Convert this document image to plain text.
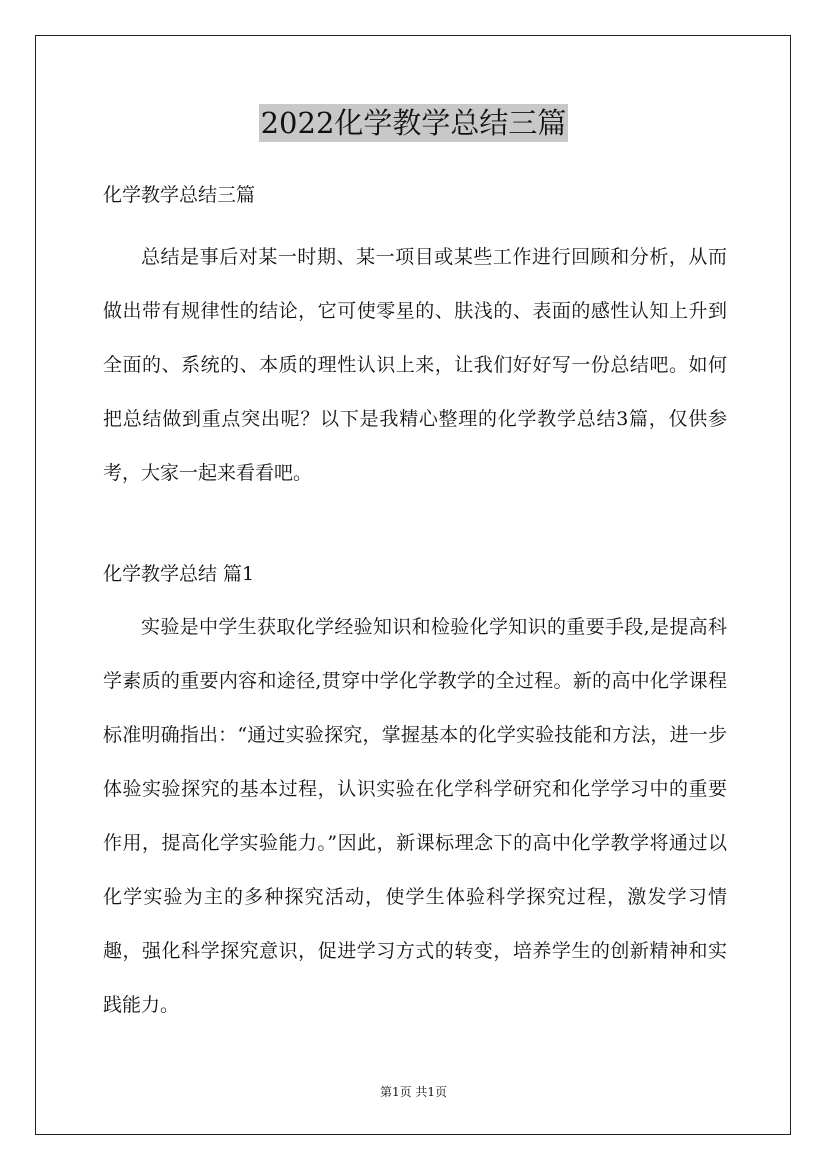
2022化学教学总结三篇
化学教学总结三篇
总结是事后对某一时期、某一项目或某些工作进行回顾和分析，从而做出带有规律性的结论，它可使零星的、肤浅的、表面的感性认知上升到全面的、系统的、本质的理性认识上来，让我们好好写一份总结吧。如何把总结做到重点突出呢？以下是我精心整理的化学教学总结3篇，仅供参考，大家一起来看看吧。
化学教学总结 篇1
实验是中学生获取化学经验知识和检验化学知识的重要手段,是提高科学素质的重要内容和途径,贯穿中学化学教学的全过程。新的高中化学课程标准明确指出：“通过实验探究，掌握基本的化学实验技能和方法，进一步体验实验探究的基本过程，认识实验在化学科学研究和化学学习中的重要作用，提高化学实验能力。”因此，新课标理念下的高中化学教学将通过以化学实验为主的多种探究活动，使学生体验科学探究过程，激发学习情趣，强化科学探究意识，促进学习方式的转变，培养学生的创新精神和实践能力。
第1页 共1页
